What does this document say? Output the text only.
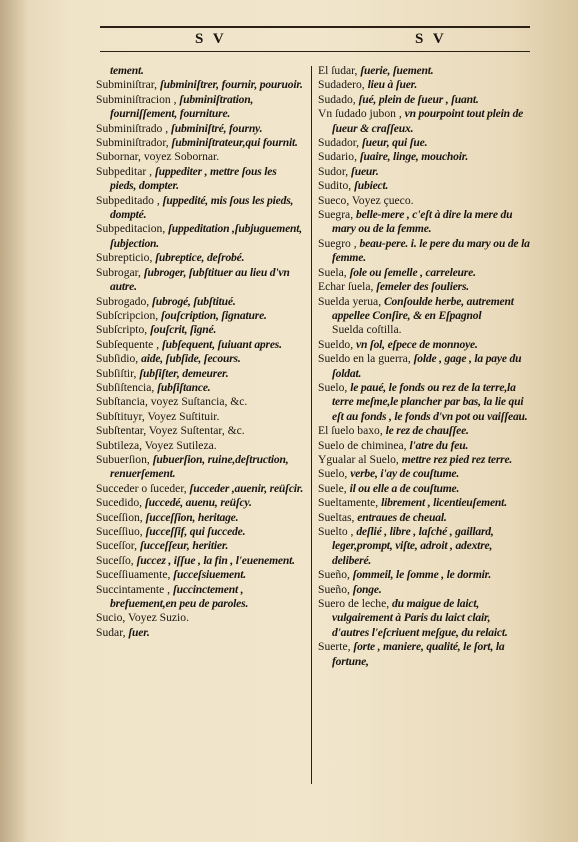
S V	S V

tement.

Subminiſtrar, ſubminiſtrer, fournir, pouruoir.

Subminiſtracion , ſubminiſtration, fourniſſement, fourniture.

Subminiſtrado , ſubminiſtré, fourny.

Subminiſtrador, ſubminiſtrateur,qui fournit.

Subornar, voyez Sobornar.

Subpeditar , ſuppediter , mettre ſous les pieds, dompter.

Subpeditado , ſuppedité, mis ſous les pieds, dompté.

Subpeditacion, ſuppeditation ,ſubjuguement, ſubjection.

Subrepticio, ſubreptice, deſrobé.

Subrogar, ſubroger, ſubſtituer au lieu d'vn autre.

Subrogado, ſubrogé, ſubſtitué.

Subſcripcion, ſouſcription, ſignature.

Subſcripto, ſouſcrit, ſigné.

Subſequente , ſubſequent, ſuiuant apres.

Subſidio, aide, ſubſide, ſecours.

Subſiſtir, ſubſiſter, demeurer.

Subſiſtencia, ſubſiſtance.

Subſtancia, voyez Suſtancia, &c.

Subſtituyr, Voyez Suſtituir.

Subſtentar, Voyez Suſtentar, &c.

Subtileza, Voyez Sutileza.

Subuerſion, ſubuerſion, ruine,deſtruction, renuerſement.

Succeder o ſuceder, ſucceder ,auenir, reüſcir.

Sucedido, ſuccedé, auenu, reüſcy.

Suceſſion, ſucceſſion, heritage.

Suceſſiuo, ſucceſſif, qui ſuccede.

Suceſſor, ſucceſſeur, heritier.

Suceſſo, ſuccez , iſſue , la fin , l'euenement.

Suceſſiuamente, ſucceſsiuement.

Succintamente , ſuccinctement , brefuement,en peu de paroles.

Sucio, Voyez Suzio.

Sudar, ſuer.

El ſudar, ſuerie, ſuement.

Sudadero, lieu à ſuer.

Sudado, ſué, plein de ſueur , ſuant.

Vn ſudado jubon , vn pourpoint tout plein de ſueur & craſſeux.

Sudador, ſueur, qui ſue.

Sudario, ſuaire, linge, mouchoir.

Sudor, ſueur.

Sudito, ſubiect.

Sueco, Voyez çueco.

Suegra, belle-mere , c'eſt à dire la mere du mary ou de la femme.

Suegro , beau-pere. i. le pere du mary ou de la femme.

Suela, ſole ou ſemelle , carreleure.

Echar ſuela, ſemeler des ſouliers.

Suelda yerua, Conſoulde herbe, autrement appellee Conſire, & en Eſpagnol

Suelda coſtilla.

Sueldo, vn ſol, eſpece de monnoye.

Sueldo en la guerra, ſolde , gage , la paye du ſoldat.

Suelo, le paué, le fonds ou rez de la terre,la terre meſme,le plancher par bas, la lie qui eſt au fonds , le fonds d'vn pot ou vaiſſeau.

El ſuelo baxo, le rez de chauſſee.

Suelo de chiminea, l'atre du feu.

Ygualar al Suelo, mettre rez pied rez terre.

Suelo, verbe, i'ay de couſtume.

Suele, il ou elle a de couſtume.

Sueltamente, librement , licentieuſement.

Sueltas, entraues de cheual.

Suelto , deſlié , libre , laſché , gaillard, leger,prompt, viſte, adroit , adextre, deliberé.

Sueño, ſommeil, le ſomme , le dormir.

Sueño, ſonge.

Suero de leche, du maigue de laict, vulgairement à Paris du laict clair, d'autres l'eſcriuent meſgue, du relaict.

Suerte, ſorte , maniere, qualité, le ſort, la fortune,
